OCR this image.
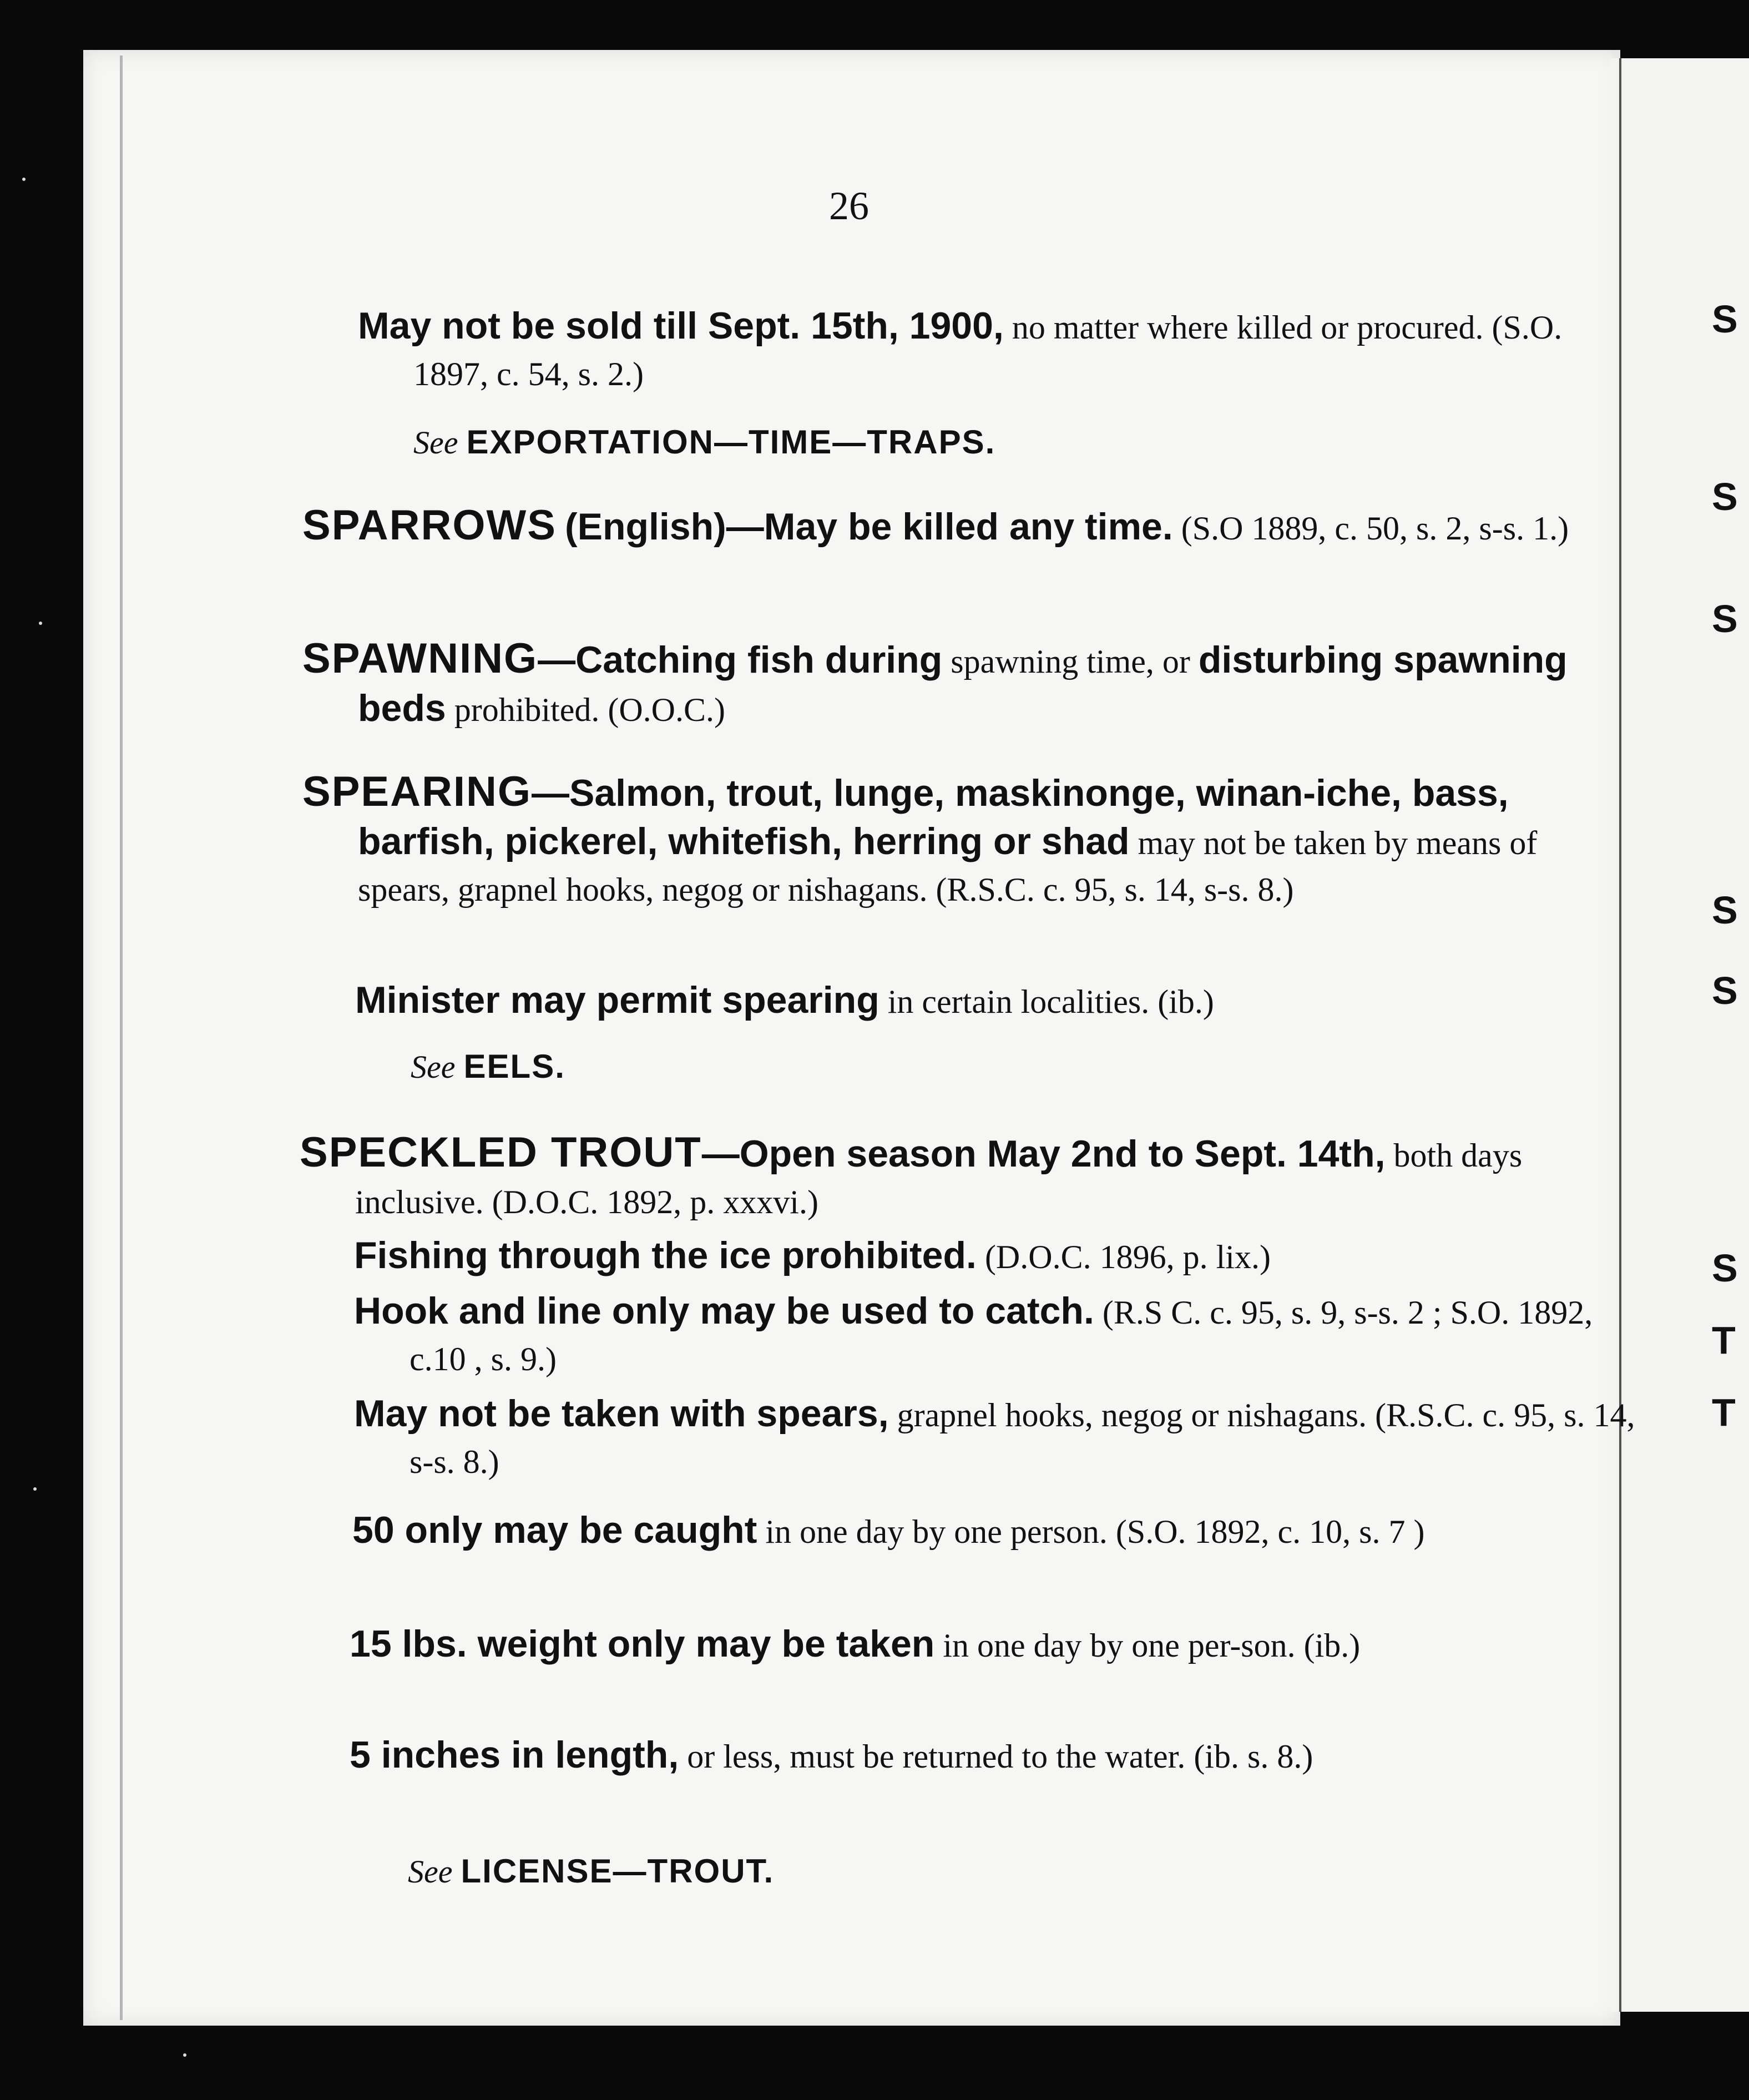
S
S
S
S
S
S
T
T
26
May not be sold till Sept. 15th, 1900, no matter where killed or procured. (S.O. 1897, c. 54, s. 2.)
See EXPORTATION—TIME—TRAPS.
SPARROWS (English)—May be killed any time. (S.O 1889, c. 50, s. 2, s-s. 1.)
SPAWNING—Catching fish during spawning time, or disturbing spawning beds prohibited. (O.O.C.)
SPEARING—Salmon, trout, lunge, maskinonge, winan-iche, bass, barfish, pickerel, whitefish, herring or shad may not be taken by means of spears, grapnel hooks, negog or nishagans. (R.S.C. c. 95, s. 14, s-s. 8.)
Minister may permit spearing in certain localities. (ib.)
See EELS.
SPECKLED TROUT—Open season May 2nd to Sept. 14th, both days inclusive. (D.O.C. 1892, p. xxxvi.)
Fishing through the ice prohibited. (D.O.C. 1896, p. lix.)
Hook and line only may be used to catch. (R.S C. c. 95, s. 9, s-s. 2 ; S.O. 1892, c.10 , s. 9.)
May not be taken with spears, grapnel hooks, negog or nishagans. (R.S.C. c. 95, s. 14, s-s. 8.)
50 only may be caught in one day by one person. (S.O. 1892, c. 10, s. 7 )
15 lbs. weight only may be taken in one day by one per-son. (ib.)
5 inches in length, or less, must be returned to the water. (ib. s. 8.)
See LICENSE—TROUT.
